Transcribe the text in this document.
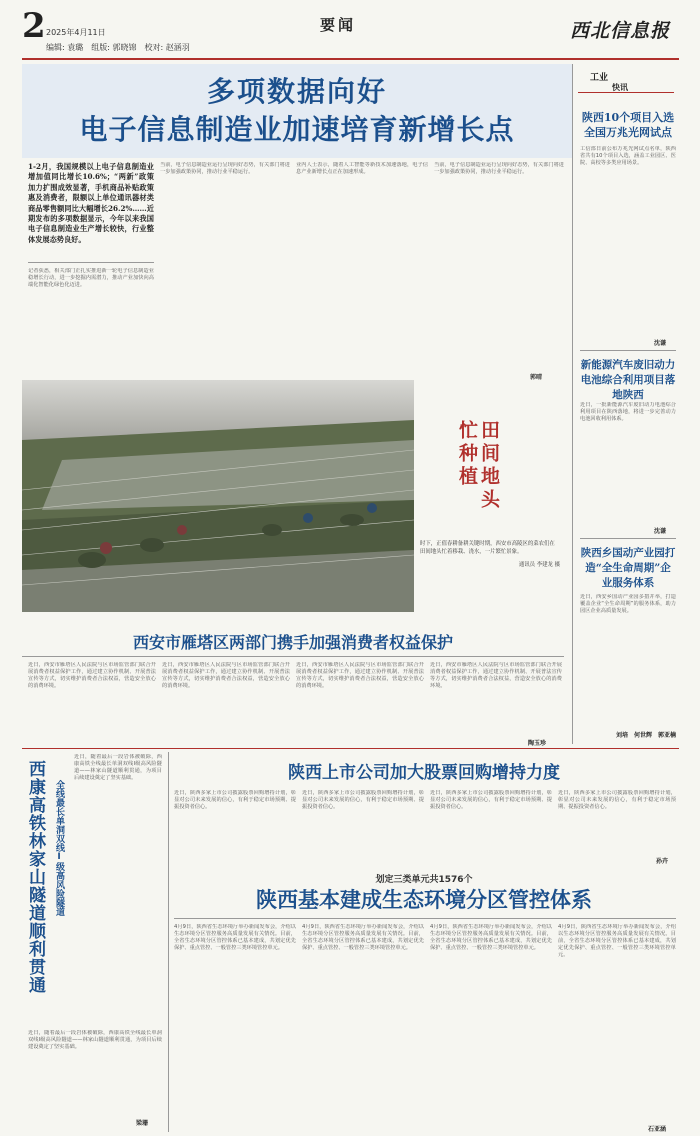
2 2025年4月11日
编辑: 袁璐　组版: 郭晓锦　校对: 赵涵羽
要闻	西北信息报
多项数据向好
电子信息制造业加速培育新增长点
1-2月，我国规模以上电子信息制造业增加值同比增长10.6%；“两新”政策加力扩围成效显著，手机商品补贴政策惠及消费者，限额以上单位通讯器材类商品零售额同比大幅增长26.2%……近期发布的多项数据显示，今年以来我国电子信息制造业生产增长较快，行业整体发展态势良好。
记者获悉，相关部门正扎实推进新一轮电子信息制造业稳增长行动，进一步挖掘内需潜力，推动产业加快向高端化智能化绿色化迈进。
当前，电子信息制造业运行呈现向好态势，有关部门将进一步加强政策协同，推动行业平稳运行。
业内人士表示，随着人工智能等新技术加速落地，电子信息产业新增长点正在加速形成。
当前，电子信息制造业运行呈现向好态势，有关部门将进一步加强政策协同，推动行业平稳运行。
郭晴
田间地头忙种植
时下，正值春耕备耕关键时期，西安市高陵区的菜农们在田间地头忙着移栽、浇水，一片繁忙景象。
通讯员 李建龙 摄
西安市雁塔区两部门携手加强消费者权益保护
近日，西安市雁塔区人民法院与区市场监管部门联合开展消费者权益保护工作，通过建立协作机制、开展普法宣传等方式，切实维护消费者合法权益，营造安全放心的消费环境。
近日，西安市雁塔区人民法院与区市场监管部门联合开展消费者权益保护工作，通过建立协作机制、开展普法宣传等方式，切实维护消费者合法权益，营造安全放心的消费环境。
近日，西安市雁塔区人民法院与区市场监管部门联合开展消费者权益保护工作，通过建立协作机制、开展普法宣传等方式，切实维护消费者合法权益，营造安全放心的消费环境。
近日，西安市雁塔区人民法院与区市场监管部门联合开展消费者权益保护工作，通过建立协作机制、开展普法宣传等方式，切实维护消费者合法权益，营造安全放心的消费环境。
陶玉珍
西康高铁林家山隧道顺利贯通	全线最长单洞双线Ⅰ级高风险隧道
近日，随着最后一段岩体被破除，西康高铁全线最长单洞双线Ⅰ级高风险隧道——林家山隧道顺利贯通，为项目后续建设奠定了坚实基础。
近日，随着最后一段岩体被破除，西康高铁全线最长单洞双线Ⅰ级高风险隧道——林家山隧道顺利贯通，为项目后续建设奠定了坚实基础。
梁珊
陕西上市公司加大股票回购增持力度
近日，陕西多家上市公司披露股票回购增持计划，彰显对公司未来发展的信心，有利于稳定市场预期、提振投资者信心。
近日，陕西多家上市公司披露股票回购增持计划，彰显对公司未来发展的信心，有利于稳定市场预期、提振投资者信心。
近日，陕西多家上市公司披露股票回购增持计划，彰显对公司未来发展的信心，有利于稳定市场预期、提振投资者信心。
近日，陕西多家上市公司披露股票回购增持计划，彰显对公司未来发展的信心，有利于稳定市场预期、提振投资者信心。
孙卉
划定三类单元共1576个
陕西基本建成生态环境分区管控体系
4月9日，陕西省生态环境厅举办新闻发布会，介绍以生态环境分区管控服务高质量发展有关情况。目前，全省生态环境分区管控体系已基本建成，共划定优先保护、重点管控、一般管控三类环境管控单元。
4月9日，陕西省生态环境厅举办新闻发布会，介绍以生态环境分区管控服务高质量发展有关情况。目前，全省生态环境分区管控体系已基本建成，共划定优先保护、重点管控、一般管控三类环境管控单元。
4月9日，陕西省生态环境厅举办新闻发布会，介绍以生态环境分区管控服务高质量发展有关情况。目前，全省生态环境分区管控体系已基本建成，共划定优先保护、重点管控、一般管控三类环境管控单元。
4月9日，陕西省生态环境厅举办新闻发布会，介绍以生态环境分区管控服务高质量发展有关情况。目前，全省生态环境分区管控体系已基本建成，共划定优先保护、重点管控、一般管控三类环境管控单元。
石亚涵
工业
快讯
陕西10个项目入选全国万兆光网试点
工信部日前公布万兆光网试点名单，陕西省共有10个项目入选，涵盖工业园区、医院、高校等多类应用场景。
沈谦
新能源汽车废旧动力电池综合利用项目落地陕西
近日，一批新能源汽车废旧动力电池综合利用项目在陕西落地，将进一步完善动力电池回收利用体系。
沈谦
陕西乡国动产业园打造“全生命周期”企业服务体系
近日，西安乡国动产业园多措并举，打造覆盖企业“全生命周期”的服务体系，助力园区企业高质量发展。
刘培　何世辉　郭亚楠
